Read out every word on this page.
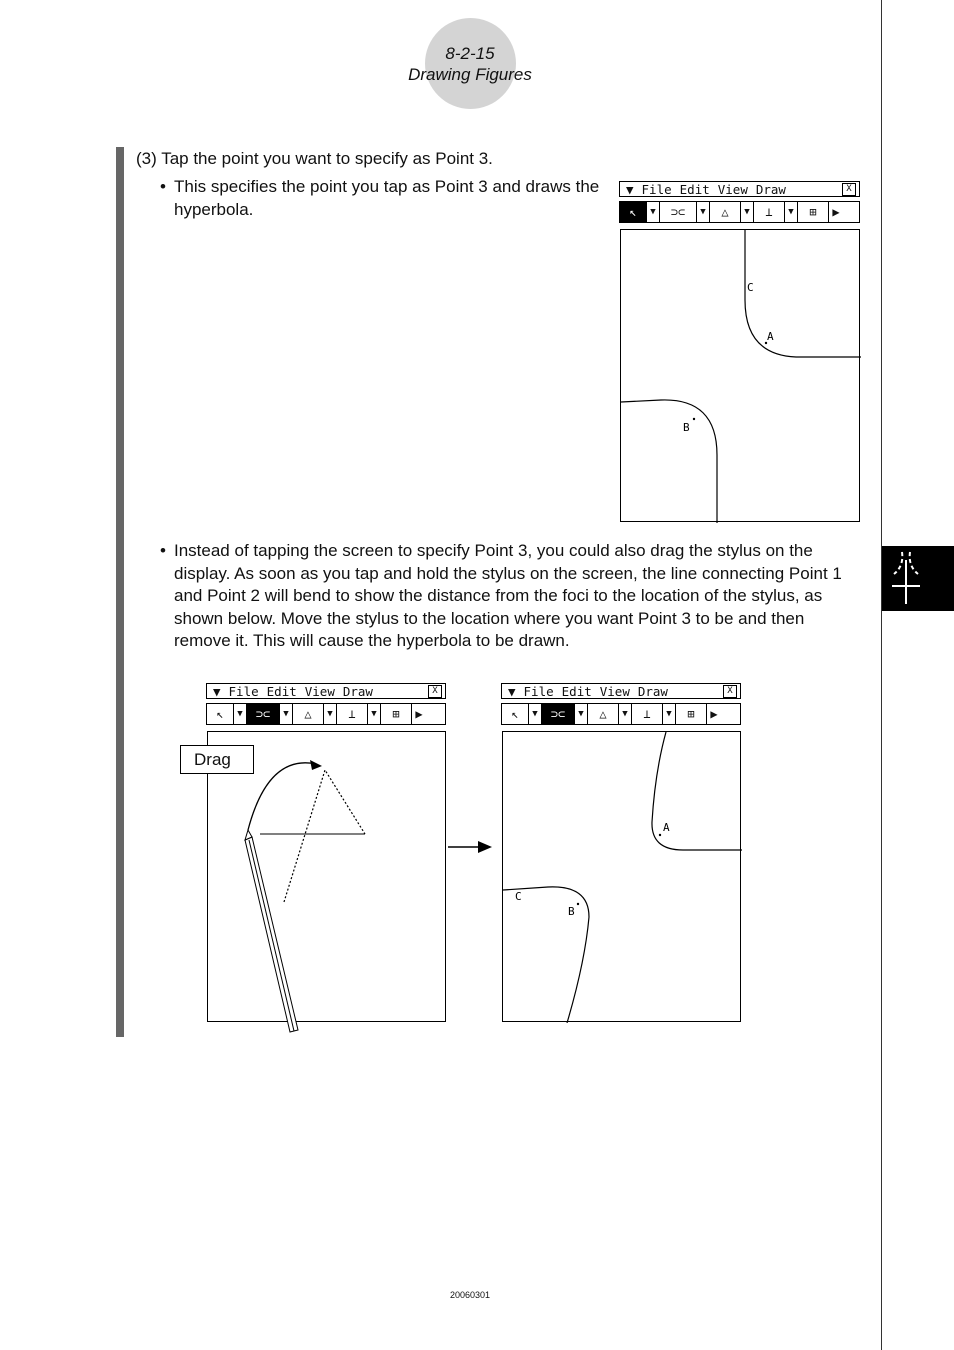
8-2-15
Drawing Figures
(3) Tap the point you want to specify as Point 3.
• This specifies the point you tap as Point 3 and draws the hyperbola.
• Instead of tapping the screen to specify Point 3, you could also drag the stylus on the display. As soon as you tap and hold the stylus on the screen, the line connecting Point 1 and Point 2 will bend to show the distance from the foci to the location of the stylus, as shown below. Move the stylus to the location where you want Point 3 to be and then remove it. This will cause the hyperbola to be drawn.
▼ File Edit View Draw	X
↖	▼	⊃⊂	▼	△	▼	⊥	▼	⊞	▶
C
A
B
▼ File Edit View Draw	X
↖	▼	⊃⊂	▼	△	▼	⊥	▼	⊞	▶
Drag
▼ File Edit View Draw	X
↖	▼	⊃⊂	▼	△	▼	⊥	▼	⊞	▶
A
C
B
20060301
